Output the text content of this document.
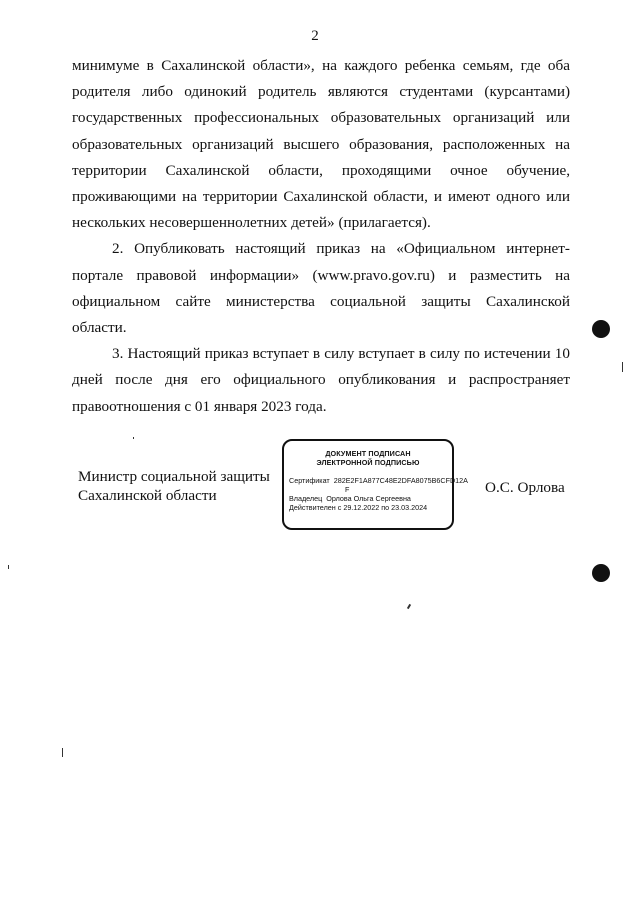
2

минимуме в Сахалинской области», на каждого ребенка семьям, где оба родителя либо одинокий родитель являются студентами (курсантами) государственных профессиональных образовательных организаций или образовательных организаций высшего образования, расположенных на территории Сахалинской области, проходящими очное обучение, проживающими на территории Сахалинской области, и имеют одного или нескольких несовершеннолетних детей» (прилагается).

2. Опубликовать настоящий приказ на «Официальном интернет-портале правовой информации» (www.pravo.gov.ru) и разместить на официальном сайте министерства социальной защиты Сахалинской области.

3. Настоящий приказ вступает в силу вступает в силу по истечении 10 дней после дня его официального опубликования и распространяет правоотношения с 01 января 2023 года.

Министр социальной защиты
Сахалинской области
ДОКУМЕНТ ПОДПИСАН
ЭЛЕКТРОННОЙ ПОДПИСЬЮ
Сертификат 282E2F1A877C48E2DFA8075B6CFD12A
F
Владелец Орлова Ольга Сергеевна
Действителен с 29.12.2022 по 23.03.2024
О.С. Орлова
